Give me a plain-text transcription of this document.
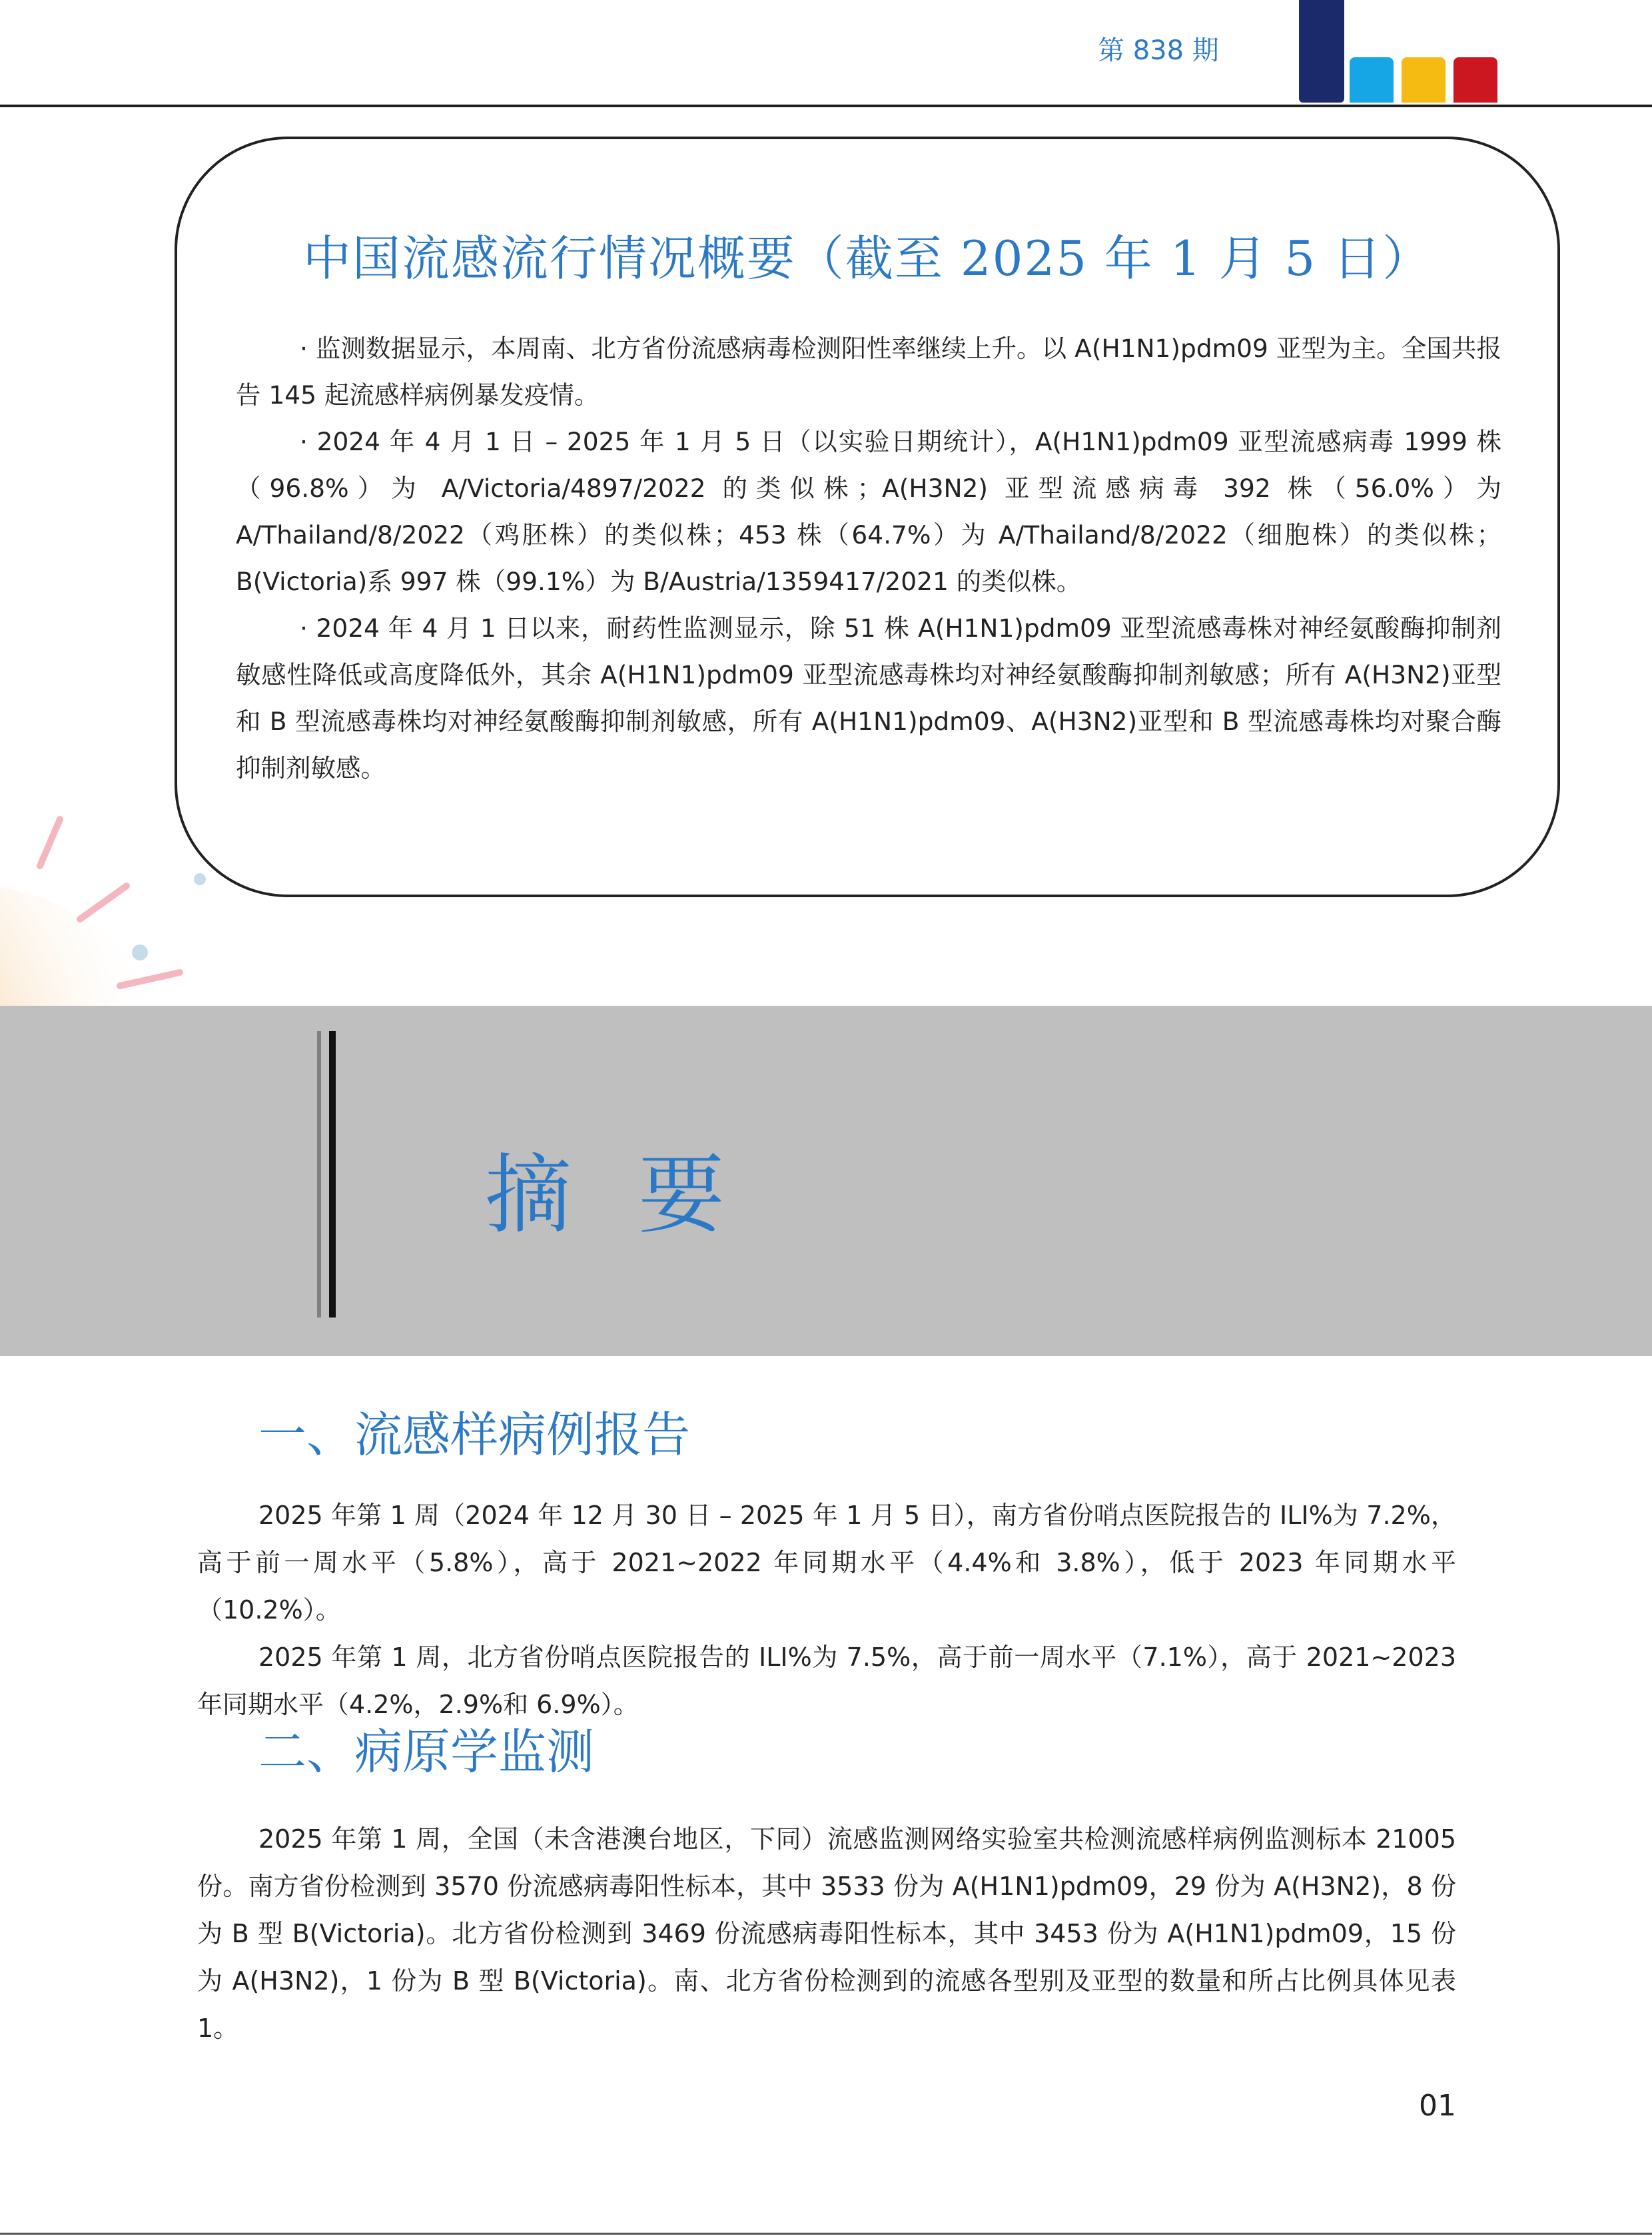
第 838 期
中国流感流行情况概要（截至 2025 年 1 月 5 日）

· 监测数据显示，本周南、北方省份流感病毒检测阳性率继续上升。以 A(H1N1)pdm09 亚型为主。全国共报告 145 起流感样病例暴发疫情。

· 2024 年 4 月 1 日 – 2025 年 1 月 5 日（以实验日期统计），A(H1N1)pdm09 亚型流感病毒 1999 株（96.8%）为 A/Victoria/4897/2022 的类似株；A(H3N2) 亚型流感病毒 392 株（56.0%）为 A/Thailand/8/2022（鸡胚株）的类似株；453 株（64.7%）为 A/Thailand/8/2022（细胞株）的类似株；B(Victoria)系 997 株（99.1%）为 B/Austria/1359417/2021 的类似株。

· 2024 年 4 月 1 日以来，耐药性监测显示，除 51 株 A(H1N1)pdm09 亚型流感毒株对神经氨酸酶抑制剂敏感性降低或高度降低外，其余 A(H1N1)pdm09 亚型流感毒株均对神经氨酸酶抑制剂敏感；所有 A(H3N2)亚型和 B 型流感毒株均对神经氨酸酶抑制剂敏感，所有 A(H1N1)pdm09、A(H3N2)亚型和 B 型流感毒株均对聚合酶抑制剂敏感。

摘要
一、流感样病例报告

2025 年第 1 周（2024 年 12 月 30 日 – 2025 年 1 月 5 日），南方省份哨点医院报告的 ILI%为 7.2%，高于前一周水平（5.8%），高于 2021~2022 年同期水平（4.4%和 3.8%），低于 2023 年同期水平（10.2%）。

2025 年第 1 周，北方省份哨点医院报告的 ILI%为 7.5%，高于前一周水平（7.1%），高于 2021~2023 年同期水平（4.2%，2.9%和 6.9%）。

二、病原学监测

2025 年第 1 周，全国（未含港澳台地区，下同）流感监测网络实验室共检测流感样病例监测标本 21005 份。南方省份检测到 3570 份流感病毒阳性标本，其中 3533 份为 A(H1N1)pdm09，29 份为 A(H3N2)，8 份为 B 型 B(Victoria)。北方省份检测到 3469 份流感病毒阳性标本，其中 3453 份为 A(H1N1)pdm09，15 份为 A(H3N2)，1 份为 B 型 B(Victoria)。南、北方省份检测到的流感各型别及亚型的数量和所占比例具体见表 1。

01
